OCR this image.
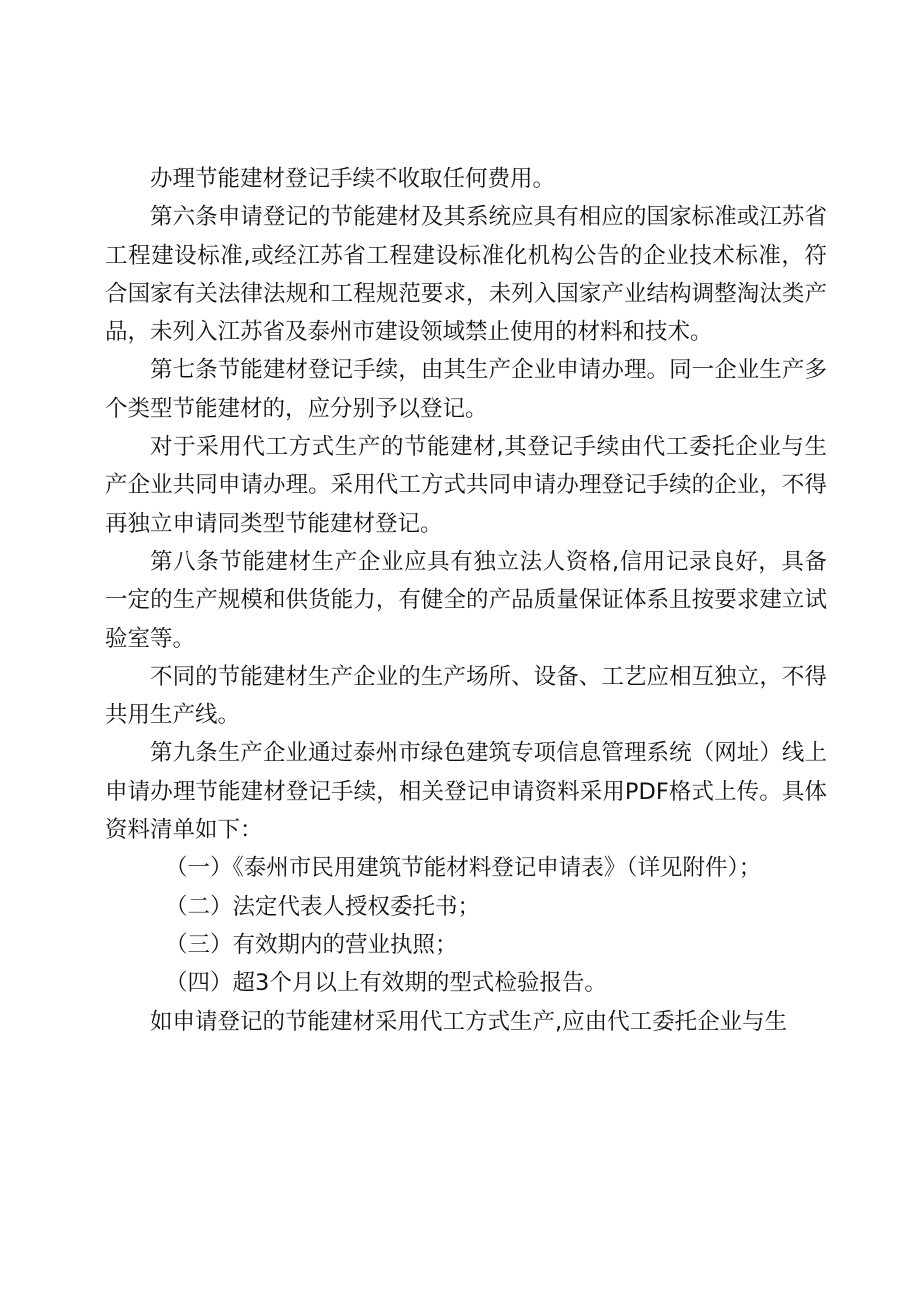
办理节能建材登记手续不收取任何费用。

第六条申请登记的节能建材及其系统应具有相应的国家标准或江苏省工程建设标准,或经江苏省工程建设标准化机构公告的企业技术标准，符合国家有关法律法规和工程规范要求，未列入国家产业结构调整淘汰类产品，未列入江苏省及泰州市建设领域禁止使用的材料和技术。

第七条节能建材登记手续，由其生产企业申请办理。同一企业生产多个类型节能建材的，应分别予以登记。

对于采用代工方式生产的节能建材,其登记手续由代工委托企业与生产企业共同申请办理。采用代工方式共同申请办理登记手续的企业，不得再独立申请同类型节能建材登记。

第八条节能建材生产企业应具有独立法人资格,信用记录良好，具备一定的生产规模和供货能力，有健全的产品质量保证体系且按要求建立试验室等。

不同的节能建材生产企业的生产场所、设备、工艺应相互独立，不得共用生产线。

第九条生产企业通过泰州市绿色建筑专项信息管理系统（网址）线上申请办理节能建材登记手续，相关登记申请资料采用PDF格式上传。具体资料清单如下：

（一）《泰州市民用建筑节能材料登记申请表》（详见附件）；

（二）法定代表人授权委托书；

（三）有效期内的营业执照；

（四）超3个月以上有效期的型式检验报告。

如申请登记的节能建材采用代工方式生产,应由代工委托企业与生
